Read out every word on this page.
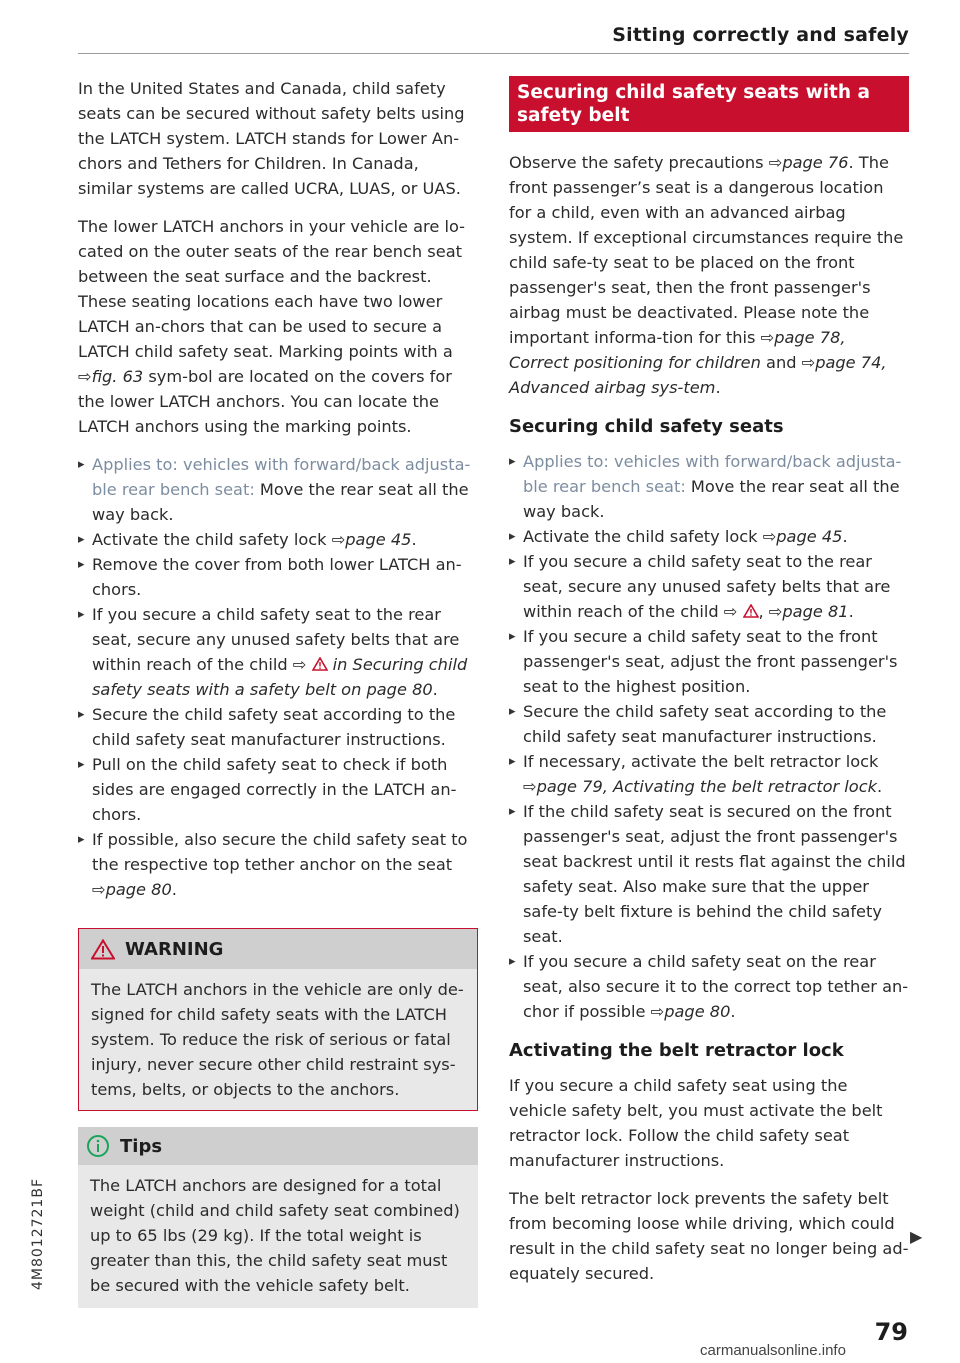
Sitting correctly and safely

In the United States and Canada, child safety seats can be secured without safety belts using the LATCH system. LATCH stands for Lower An-chors and Tethers for Children. In Canada, similar systems are called UCRA, LUAS, or UAS.

The lower LATCH anchors in your vehicle are lo-cated on the outer seats of the rear bench seat between the seat surface and the backrest. These seating locations each have two lower LATCH an-chors that can be used to secure a LATCH child safety seat. Marking points with a ⇨fig. 63 sym-bol are located on the covers for the lower LATCH anchors. You can locate the LATCH anchors using the marking points.

▸ Applies to: vehicles with forward/back adjusta-ble rear bench seat: Move the rear seat all the way back.
▸ Activate the child safety lock ⇨page 45.
▸ Remove the cover from both lower LATCH an-chors.
▸ If you secure a child safety seat to the rear seat, secure any unused safety belts that are within reach of the child ⇨ in Securing child safety seats with a safety belt on page 80.
▸ Secure the child safety seat according to the child safety seat manufacturer instructions.
▸ Pull on the child safety seat to check if both sides are engaged correctly in the LATCH an-chors.
▸ If possible, also secure the child safety seat to the respective top tether anchor on the seat ⇨page 80.
WARNING
The LATCH anchors in the vehicle are only de-signed for child safety seats with the LATCH system. To reduce the risk of serious or fatal injury, never secure other child restraint sys-tems, belts, or objects to the anchors.
Tips
The LATCH anchors are designed for a total weight (child and child safety seat combined) up to 65 lbs (29 kg). If the total weight is greater than this, the child safety seat must be secured with the vehicle safety belt.
Securing child safety seats with a safety belt

Observe the safety precautions ⇨page 76. The front passenger’s seat is a dangerous location for a child, even with an advanced airbag system. If exceptional circumstances require the child safe-ty seat to be placed on the front passenger's seat, then the front passenger's airbag must be deactivated. Please note the important informa-tion for this ⇨page 78, Correct positioning for children and ⇨page 74, Advanced airbag sys-tem.

Securing child safety seats
▸ Applies to: vehicles with forward/back adjusta-ble rear bench seat: Move the rear seat all the way back.
▸ Activate the child safety lock ⇨page 45.
▸ If you secure a child safety seat to the rear seat, secure any unused safety belts that are within reach of the child ⇨ , ⇨page 81.
▸ If you secure a child safety seat to the front passenger's seat, adjust the front passenger's seat to the highest position.
▸ Secure the child safety seat according to the child safety seat manufacturer instructions.
▸ If necessary, activate the belt retractor lock ⇨page 79, Activating the belt retractor lock.
▸ If the child safety seat is secured on the front passenger's seat, adjust the front passenger's seat backrest until it rests flat against the child safety seat. Also make sure that the upper safe-ty belt fixture is behind the child safety seat.
▸ If you secure a child safety seat on the rear seat, also secure it to the correct top tether an-chor if possible ⇨page 80.
Activating the belt retractor lock

If you secure a child safety seat using the vehicle safety belt, you must activate the belt retractor lock. Follow the child safety seat manufacturer instructions.

The belt retractor lock prevents the safety belt from becoming loose while driving, which could result in the child safety seat no longer being ad-equately secured.

▶
4M8012721BF
79
carmanualsonline.info
